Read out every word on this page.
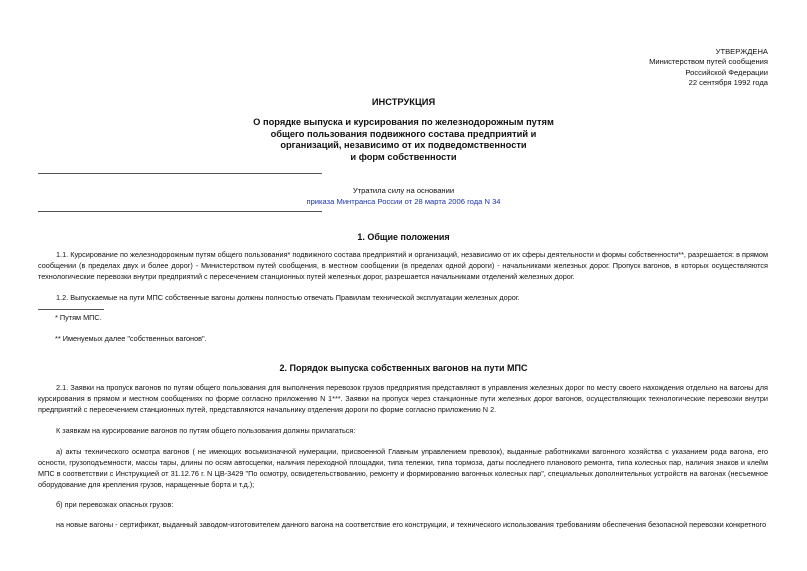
УТВЕРЖДЕНА
Министерством путей сообщения
Российской Федерации
22 сентября 1992 года
ИНСТРУКЦИЯ
О порядке выпуска и курсирования по железнодорожным путям
общего пользования подвижного состава предприятий и
организаций, независимо от их подведомственности
и форм собственности
Утратила силу на основании
приказа Минтранса России от 28 марта 2006 года N 34
1. Общие положения
1.1. Курсирование по железнодорожным путям общего пользования* подвижного состава предприятий и организаций, независимо от их сферы деятельности и формы собственности**, разрешается: в прямом сообщении (в пределах двух и более дорог) - Министерством путей сообщения, в местном сообщении (в пределах одной дороги) - начальниками железных дорог. Пропуск вагонов, в которых осуществляются технологические перевозки внутри предприятий с пересечением станционных путей железных дорог, разрешается начальниками отделений железных дорог.
1.2. Выпускаемые на пути МПС собственные вагоны должны полностью отвечать Правилам технической эксплуатации железных дорог.
* Путям МПС.
** Именуемых далее "собственных вагонов".
2. Порядок выпуска собственных вагонов на пути МПС
2.1. Заявки на пропуск вагонов по путям общего пользования для выполнения перевозок грузов предприятия представляют в управления железных дорог по месту своего нахождения отдельно на вагоны для курсирования в прямом и местном сообщениях по форме согласно приложению N 1***. Заявки на пропуск через станционные пути железных дорог вагонов, осуществляющих технологические перевозки внутри предприятий с пересечением станционных путей, представляются начальнику отделения дороги по форме согласно приложению N 2.
К заявкам на курсирование вагонов по путям общего пользования должны прилагаться:
а) акты технического осмотра вагонов ( не имеющих восьмизначной нумерации, присвоенной Главным управлением превозок), выданные работниками вагонного хозяйства с указанием рода вагона, его осности, грузоподъемности, массы тары, длины по осям автосцепки, наличия переходной площадки, типа тележки, типа тормоза, даты последнего планового ремонта, типа колесных пар, наличия знаков и клейм МПС в соответствии с Инструкцией от 31.12.76 г. N ЦВ-3429 "По осмотру, освидетельствованию, ремонту и формированию вагонных колесных пар", специальных дополнительных устройств на вагонах (несъемное оборудование для крепления грузов, наращенные борта и т.д.);
б) при перевозках опасных грузов:
на новые вагоны - сертификат, выданный заводом-изготовителем данного вагона на соответствие его конструкции, и технического использования требованиям обеспечения безопасной перевозки конкретного
